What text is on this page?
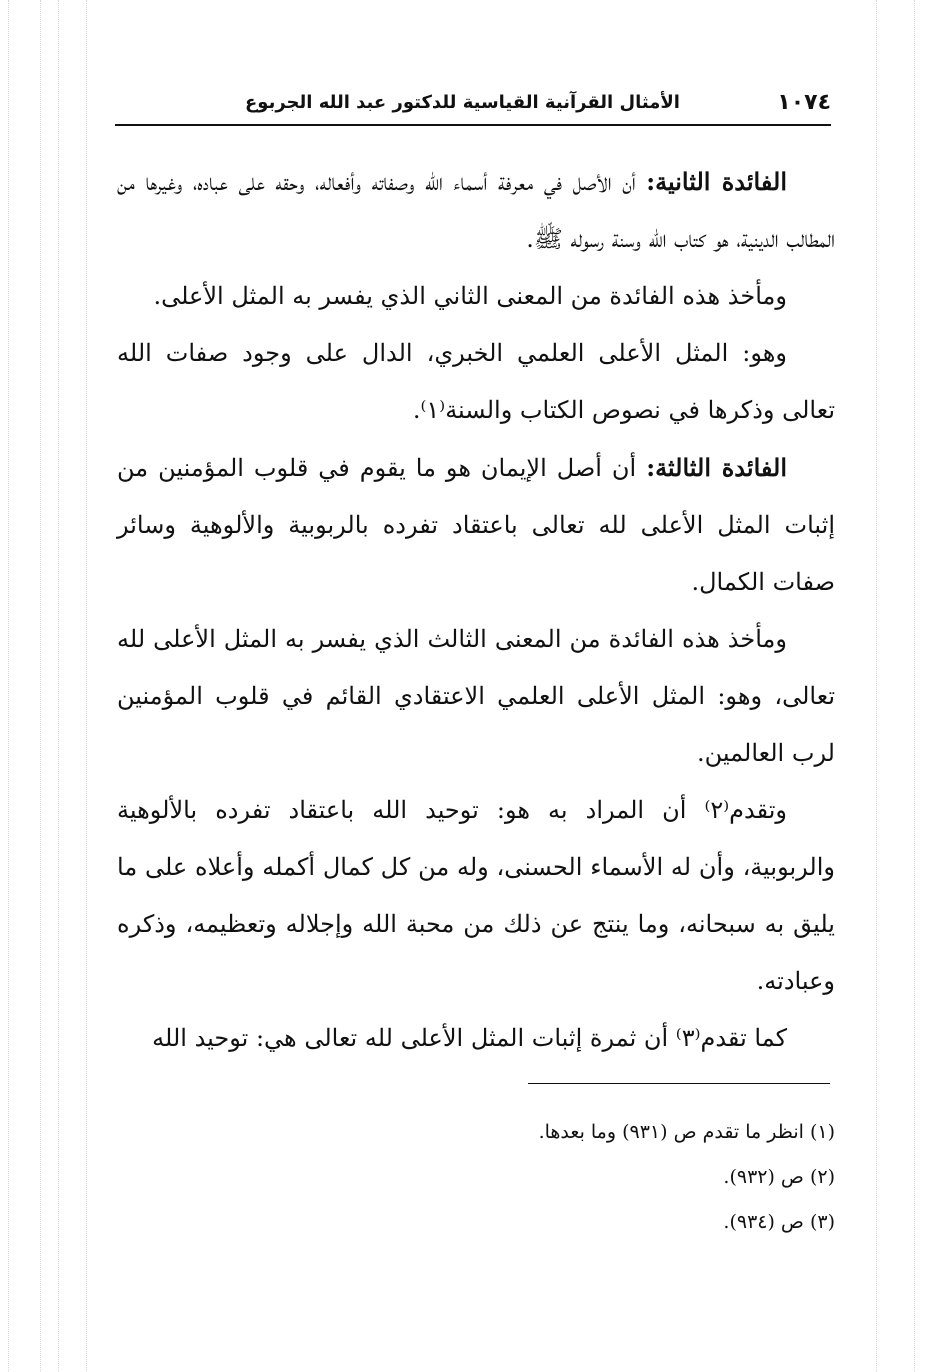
١٠٧٤
الأمثال القرآنية القياسية للدكتور عبد الله الجربوع

الفائدة الثانية: أن الأصل في معرفة أسماء الله وصفاته وأفعاله، وحقه على عباده، وغيرها من المطالب الدينية، هو كتاب الله وسنة رسوله ﷺ.

ومأخذ هذه الفائدة من المعنى الثاني الذي يفسر به المثل الأعلى.

وهو: المثل الأعلى العلمي الخبري، الدال على وجود صفات الله تعالى وذكرها في نصوص الكتاب والسنة⁽١⁾.

الفائدة الثالثة: أن أصل الإيمان هو ما يقوم في قلوب المؤمنين من إثبات المثل الأعلى لله تعالى باعتقاد تفرده بالربوبية والألوهية وسائر صفات الكمال.

ومأخذ هذه الفائدة من المعنى الثالث الذي يفسر به المثل الأعلى لله تعالى، وهو: المثل الأعلى العلمي الاعتقادي القائم في قلوب المؤمنين لرب العالمين.

وتقدم⁽٢⁾ أن المراد به هو: توحيد الله باعتقاد تفرده بالألوهية والربوبية، وأن له الأسماء الحسنى، وله من كل كمال أكمله وأعلاه على ما يليق به سبحانه، وما ينتج عن ذلك من محبة الله وإجلاله وتعظيمه، وذكره وعبادته.

كما تقدم⁽٣⁾ أن ثمرة إثبات المثل الأعلى لله تعالى هي: توحيد الله

(١) انظر ما تقدم ص (٩٣١) وما بعدها.

(٢) ص (٩٣٢).

(٣) ص (٩٣٤).
